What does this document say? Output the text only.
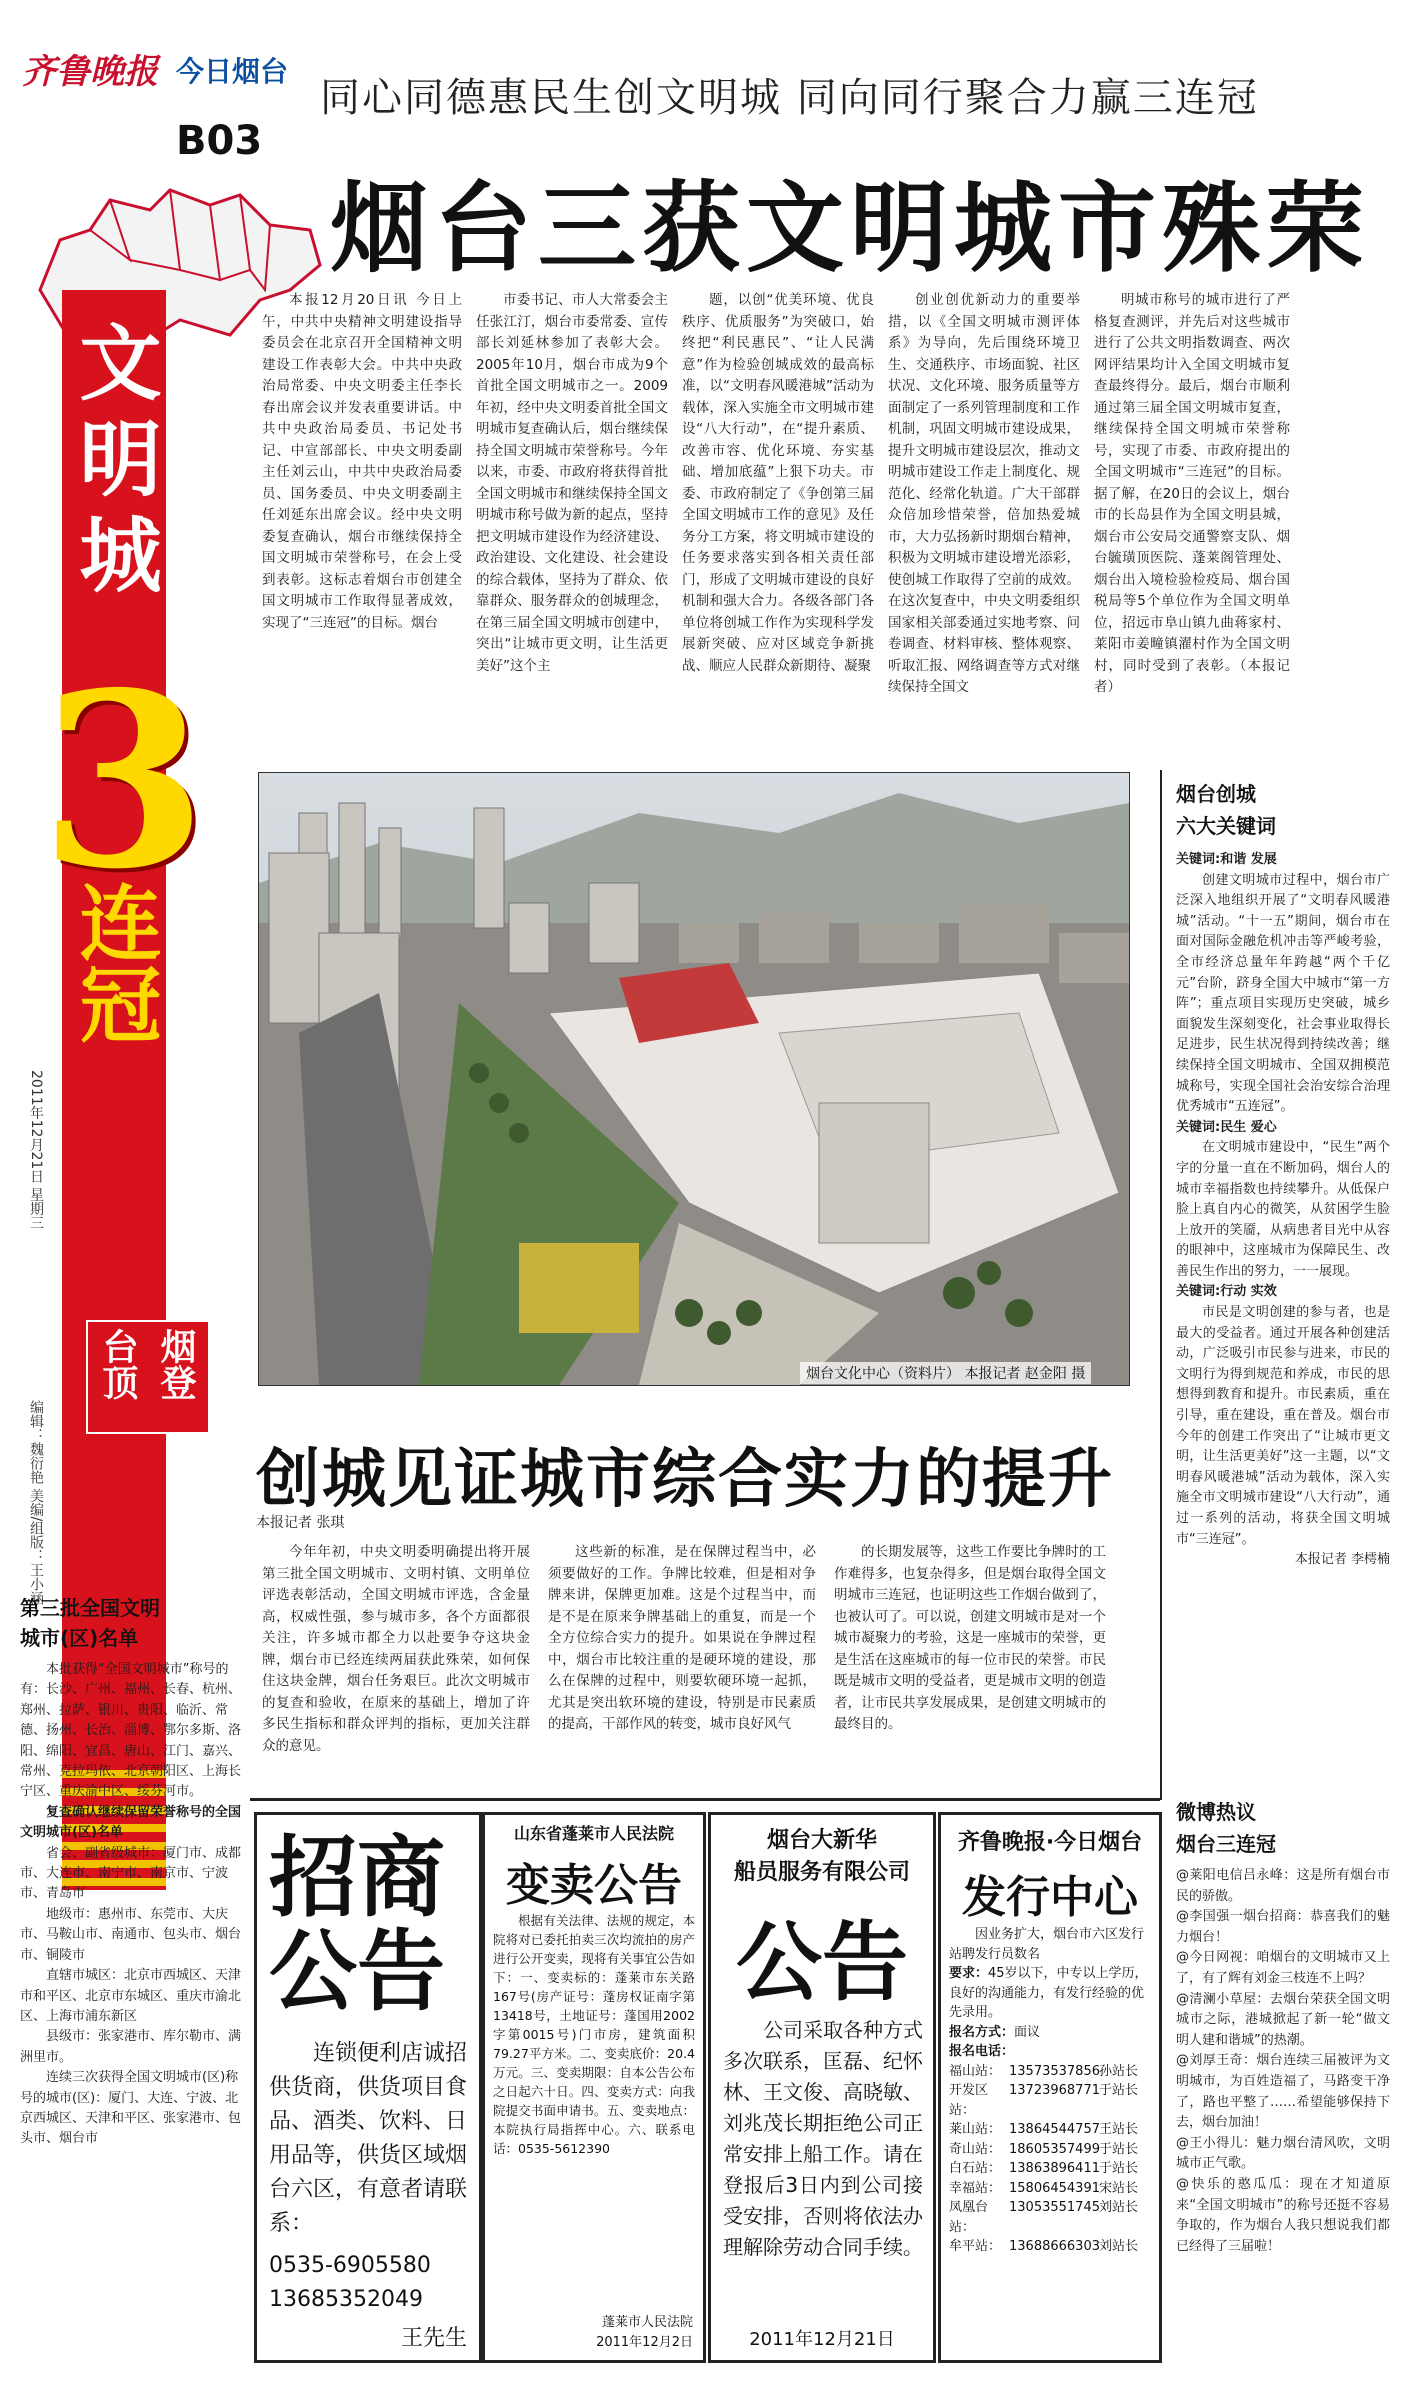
齐鲁晚报 今日烟台
同心同德惠民生创文明城 同向同行聚合力赢三连冠
B03
烟台三获文明城市殊荣
文明城
3
连冠
台顶 烟登
2011年12月21日 星期三
编辑：魏衍艳 美编/组版：王小涵

本报12月20日讯 今日上午，中共中央精神文明建设指导委员会在北京召开全国精神文明建设工作表彰大会。中共中央政治局常委、中央文明委主任李长春出席会议并发表重要讲话。中共中央政治局委员、书记处书记、中宣部部长、中央文明委副主任刘云山，中共中央政治局委员、国务委员、中央文明委副主任刘延东出席会议。经中央文明委复查确认，烟台市继续保持全国文明城市荣誉称号，在会上受到表彰。这标志着烟台市创建全国文明城市工作取得显著成效，实现了“三连冠”的目标。烟台

市委书记、市人大常委会主任张江汀，烟台市委常委、宣传部长刘延林参加了表彰大会。2005年10月，烟台市成为9个首批全国文明城市之一。2009年初，经中央文明委首批全国文明城市复查确认后，烟台继续保持全国文明城市荣誉称号。今年以来，市委、市政府将获得首批全国文明城市和继续保持全国文明城市称号做为新的起点，坚持把文明城市建设作为经济建设、政治建设、文化建设、社会建设的综合载体，坚持为了群众、依靠群众、服务群众的创城理念，在第三届全国文明城市创建中，突出“让城市更文明，让生活更美好”这个主

题，以创“优美环境、优良秩序、优质服务”为突破口，始终把“利民惠民”、“让人民满意”作为检验创城成效的最高标准，以“文明春风暖港城”活动为载体，深入实施全市文明城市建设“八大行动”，在“提升素质、改善市容、优化环境、夯实基础、增加底蕴”上狠下功夫。市委、市政府制定了《争创第三届全国文明城市工作的意见》及任务分工方案，将文明城市建设的任务要求落实到各相关责任部门，形成了文明城市建设的良好机制和强大合力。各级各部门各单位将创城工作作为实现科学发展新突破、应对区域竞争新挑战、顺应人民群众新期待、凝聚

创业创优新动力的重要举措，以《全国文明城市测评体系》为导向，先后围绕环境卫生、交通秩序、市场面貌、社区状况、文化环境、服务质量等方面制定了一系列管理制度和工作机制，巩固文明城市建设成果，提升文明城市建设层次，推动文明城市建设工作走上制度化、规范化、经常化轨道。广大干部群众倍加珍惜荣誉，倍加热爱城市，大力弘扬新时期烟台精神，积极为文明城市建设增光添彩，使创城工作取得了空前的成效。在这次复查中，中央文明委组织国家相关部委通过实地考察、问卷调查、材料审核、整体观察、听取汇报、网络调查等方式对继续保持全国文

明城市称号的城市进行了严格复查测评，并先后对这些城市进行了公共文明指数调查、两次网评结果均计入全国文明城市复查最终得分。最后，烟台市顺利通过第三届全国文明城市复查，继续保持全国文明城市荣誉称号，实现了市委、市政府提出的全国文明城市“三连冠”的目标。据了解，在20日的会议上，烟台市的长岛县作为全国文明县城，烟台市公安局交通警察支队、烟台毓璜顶医院、蓬莱阁管理处、烟台出入境检验检疫局、烟台国税局等5个单位作为全国文明单位，招远市阜山镇九曲蒋家村、莱阳市姜疃镇濯村作为全国文明村，同时受到了表彰。（本报记者）

烟台文化中心（资料片） 本报记者 赵金阳 摄
创城见证城市综合实力的提升
本报记者 张琪

今年年初，中央文明委明确提出将开展第三批全国文明城市、文明村镇、文明单位评选表彰活动，全国文明城市评选，含金量高，权威性强，参与城市多，各个方面都很关注，许多城市都全力以赴要争夺这块金牌，烟台市已经连续两届获此殊荣，如何保住这块金牌，烟台任务艰巨。此次文明城市的复查和验收，在原来的基础上，增加了许多民生指标和群众评判的指标，更加关注群众的意见。

这些新的标准，是在保牌过程当中，必须要做好的工作。争牌比较难，但是相对争牌来讲，保牌更加难。这是个过程当中，而是不是在原来争牌基础上的重复，而是一个全方位综合实力的提升。如果说在争牌过程中，烟台市比较注重的是硬环境的建设，那么在保牌的过程中，则要软硬环境一起抓，尤其是突出软环境的建设，特别是市民素质的提高，干部作风的转变，城市良好风气

的长期发展等，这些工作要比争牌时的工作难得多，也复杂得多，但是烟台取得全国文明城市三连冠，也证明这些工作烟台做到了，也被认可了。可以说，创建文明城市是对一个城市凝聚力的考验，这是一座城市的荣誉，更是生活在这座城市的每一位市民的荣誉。市民既是城市文明的受益者，更是城市文明的创造者，让市民共享发展成果，是创建文明城市的最终目的。

烟台创城
六大关键词
关键词:和谐 发展

创建文明城市过程中，烟台市广泛深入地组织开展了“文明春风暖港城”活动。“十一五”期间，烟台市在面对国际金融危机冲击等严峻考验，全市经济总量年年跨越“两个千亿元”台阶，跻身全国大中城市“第一方阵”；重点项目实现历史突破，城乡面貌发生深刻变化，社会事业取得长足进步，民生状况得到持续改善；继续保持全国文明城市、全国双拥模范城称号，实现全国社会治安综合治理优秀城市“五连冠”。

关键词:民生 爱心

在文明城市建设中，“民生”两个字的分量一直在不断加码，烟台人的城市幸福指数也持续攀升。从低保户脸上真自内心的微笑，从贫困学生脸上放开的笑靥，从病患者目光中从容的眼神中，这座城市为保障民生、改善民生作出的努力，一一展现。

关键词:行动 实效

市民是文明创建的参与者，也是最大的受益者。通过开展各种创建活动，广泛吸引市民参与进来，市民的文明行为得到规范和养成，市民的思想得到教育和提升。市民素质，重在引导，重在建设，重在普及。烟台市今年的创建工作突出了“让城市更文明，让生活更美好”这一主题，以“文明春风暖港城”活动为载体，深入实施全市文明城市建设“八大行动”，通过一系列的活动，将获全国文明城市“三连冠”。

本报记者 李樗楠
微博热议
烟台三连冠

@莱阳电信吕永峰：这是所有烟台市民的骄傲。

@李国强一烟台招商：恭喜我们的魅力烟台！

@今日网视：咱烟台的文明城市又上了，有了辉有刘金三枝连不上吗？

@清澜小草屋：去烟台荣获全国文明城市之际，港城掀起了新一轮“做文明人建和谐城”的热潮。

@刘厚王奇：烟台连续三届被评为文明城市，为百姓造福了，马路变干净了，路也平整了……希望能够保持下去，烟台加油！

@王小得儿：魅力烟台清风吹，文明城市正气歌。

@快乐的憨瓜瓜：现在才知道原来“全国文明城市”的称号还挺不容易争取的，作为烟台人我只想说我们都已经得了三届啦！

第三批全国文明
城市(区)名单

本批获得“全国文明城市”称号的有：长沙、广州、福州、长春、杭州、郑州、拉萨、银川、贵阳、临沂、常德、扬州、长治、淄博、鄂尔多斯、洛阳、绵阳、宜昌、唐山、江门、嘉兴、常州、克拉玛依、北京朝阳区、上海长宁区、重庆渝中区、绥芬河市。

复查确认继续保留荣誉称号的全国文明城市(区)名单

省会、副省级城市：厦门市、成都市、大连市、南宁市、南京市、宁波市、青岛市

地级市：惠州市、东莞市、大庆市、马鞍山市、南通市、包头市、烟台市、铜陵市

直辖市城区：北京市西城区、天津市和平区、北京市东城区、重庆市渝北区、上海市浦东新区

县级市：张家港市、库尔勒市、满洲里市。

连续三次获得全国文明城市(区)称号的城市(区)：厦门、大连、宁波、北京西城区、天津和平区、张家港市、包头市、烟台市

招商
公告
连锁便利店诚招供货商，供货项目食品、酒类、饮料、日用品等，供货区域烟台六区，有意者请联系：
0535-6905580
13685352049
王先生
山东省蓬莱市人民法院
变卖公告
根据有关法律、法规的规定，本院将对已委托拍卖三次均流拍的房产进行公开变卖，现将有关事宜公告如下：一、变卖标的：蓬莱市东关路167号(房产证号：蓬房权证南字第13418号，土地证号：蓬国用2002字第0015号)门市房，建筑面积79.27平方米。二、变卖底价：20.4万元。三、变卖期限：自本公告公布之日起六十日。四、变卖方式：向我院提交书面申请书。五、变卖地点：本院执行局指挥中心。六、联系电话：0535-5612390
蓬莱市人民法院
2011年12月2日
烟台大新华
船员服务有限公司
公告
公司采取各种方式多次联系，匡磊、纪怀林、王文俊、高晓敏、刘兆茂长期拒绝公司正常安排上船工作。请在登报后3日内到公司接受安排，否则将依法办理解除劳动合同手续。
2011年12月21日
齐鲁晚报·今日烟台
发行中心
因业务扩大，烟台市六区发行站聘发行员数名
要求：45岁以下，中专以上学历，良好的沟通能力，有发行经验的优先录用。
报名方式：面议
报名电话：
福山站： 13573537856 孙站长
开发区站：
13723968771 于站长
莱山站： 13864544757 王站长
奇山站： 18605357499 于站长
白石站： 13863896411 于站长
幸福站： 15806454391 宋站长
凤凰台站：
13053551745 刘站长
牟平站： 13688666303 刘站长
